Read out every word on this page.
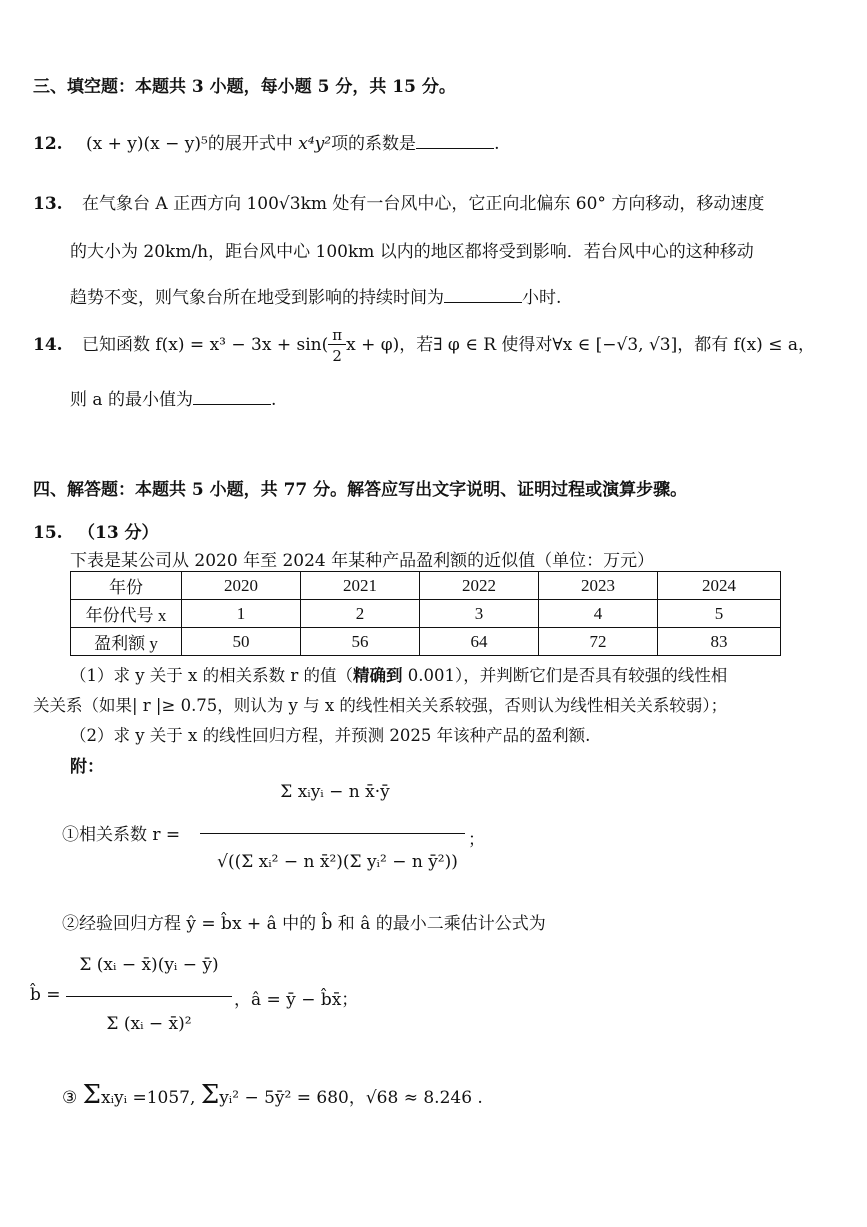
三、填空题：本题共 3 小题，每小题 5 分，共 15 分。
12. (x + y)(x − y)⁵的展开式中 x⁴y²项的系数是	.
13. 在气象台 A 正西方向 100√3km 处有一台风中心，它正向北偏东 60° 方向移动，移动速度
的大小为 20km/h，距台风中心 100km 以内的地区都将受到影响．若台风中心的这种移动
趋势不变，则气象台所在地受到影响的持续时间为	小时.
14. 已知函数 $f(x) = x^3 - 3x + \sin( \frac{\pi}{2}$ x + φ)，若∃ φ ∈ R 使得对∀x ∈ [−√3, √3]，都有 f(x) ≤ a，
则 a 的最小值为	.
四、解答题：本题共 5 小题，共 77 分。解答应写出文字说明、证明过程或演算步骤。
15. （13 分）
下表是某公司从 2020 年至 2024 年某种产品盈利额的近似值（单位：万元）
年份	2020	2021	2022	2023	2024
年份代号 x	1	2	3	4	5
盈利额 y	50	56	64	72	83
（1）求 y 关于 x 的相关系数 r 的值（精确到 0.001），并判断它们是否具有较强的线性相
关关系（如果| r |≥ 0.75，则认为 y 与 x 的线性相关关系较强，否则认为线性相关关系较弱）；
（2）求 y 关于 x 的线性回归方程，并预测 2025 年该种产品的盈利额.
附：
①相关系数 r =
Σ xᵢyᵢ − n x̄·ȳ
√((Σ xᵢ² − n x̄²)(Σ yᵢ² − n ȳ²))
；
②经验回归方程 ŷ = b̂x + â 中的 b̂ 和 â 的最小二乘估计公式为
b̂ =
Σ (xᵢ − x̄)(yᵢ − ȳ)
Σ (xᵢ − x̄)²
，â = ȳ − b̂x̄；
③ Σxᵢyᵢ =1057, Σyᵢ² − 5ȳ² = 680，√68 ≈ 8.246 .
